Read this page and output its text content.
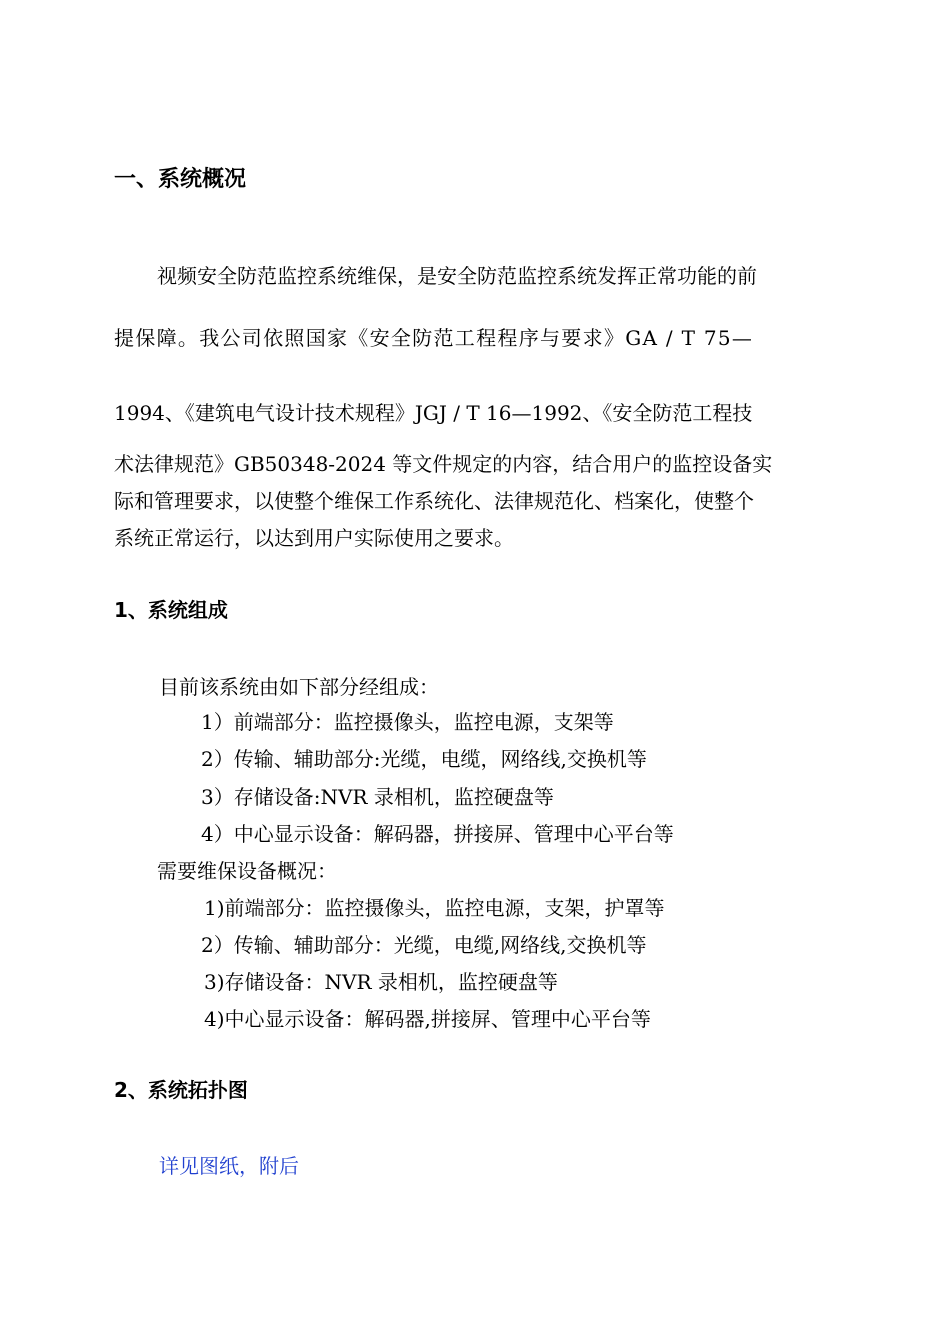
一、系统概况
视频安全防范监控系统维保，是安全防范监控系统发挥正常功能的前
提保障。我公司依照国家《安全防范工程程序与要求》GA / T 75—
1994、《建筑电气设计技术规程》JGJ / T 16—1992、《安全防范工程技
术法律规范》GB50348-2024 等文件规定的内容，结合用户的监控设备实
际和管理要求，以使整个维保工作系统化、法律规范化、档案化，使整个
系统正常运行，以达到用户实际使用之要求。
1、系统组成
目前该系统由如下部分经组成：
1）前端部分：监控摄像头，监控电源，支架等
2）传输、辅助部分:光缆，电缆，网络线,交换机等
3）存储设备:NVR 录相机，监控硬盘等
4）中心显示设备：解码器，拼接屏、管理中心平台等
需要维保设备概况：
1)前端部分：监控摄像头，监控电源，支架，护罩等
2）传输、辅助部分：光缆，电缆,网络线,交换机等
3)存储设备：NVR 录相机，监控硬盘等
4)中心显示设备：解码器,拼接屏、管理中心平台等
2、系统拓扑图
详见图纸，附后
